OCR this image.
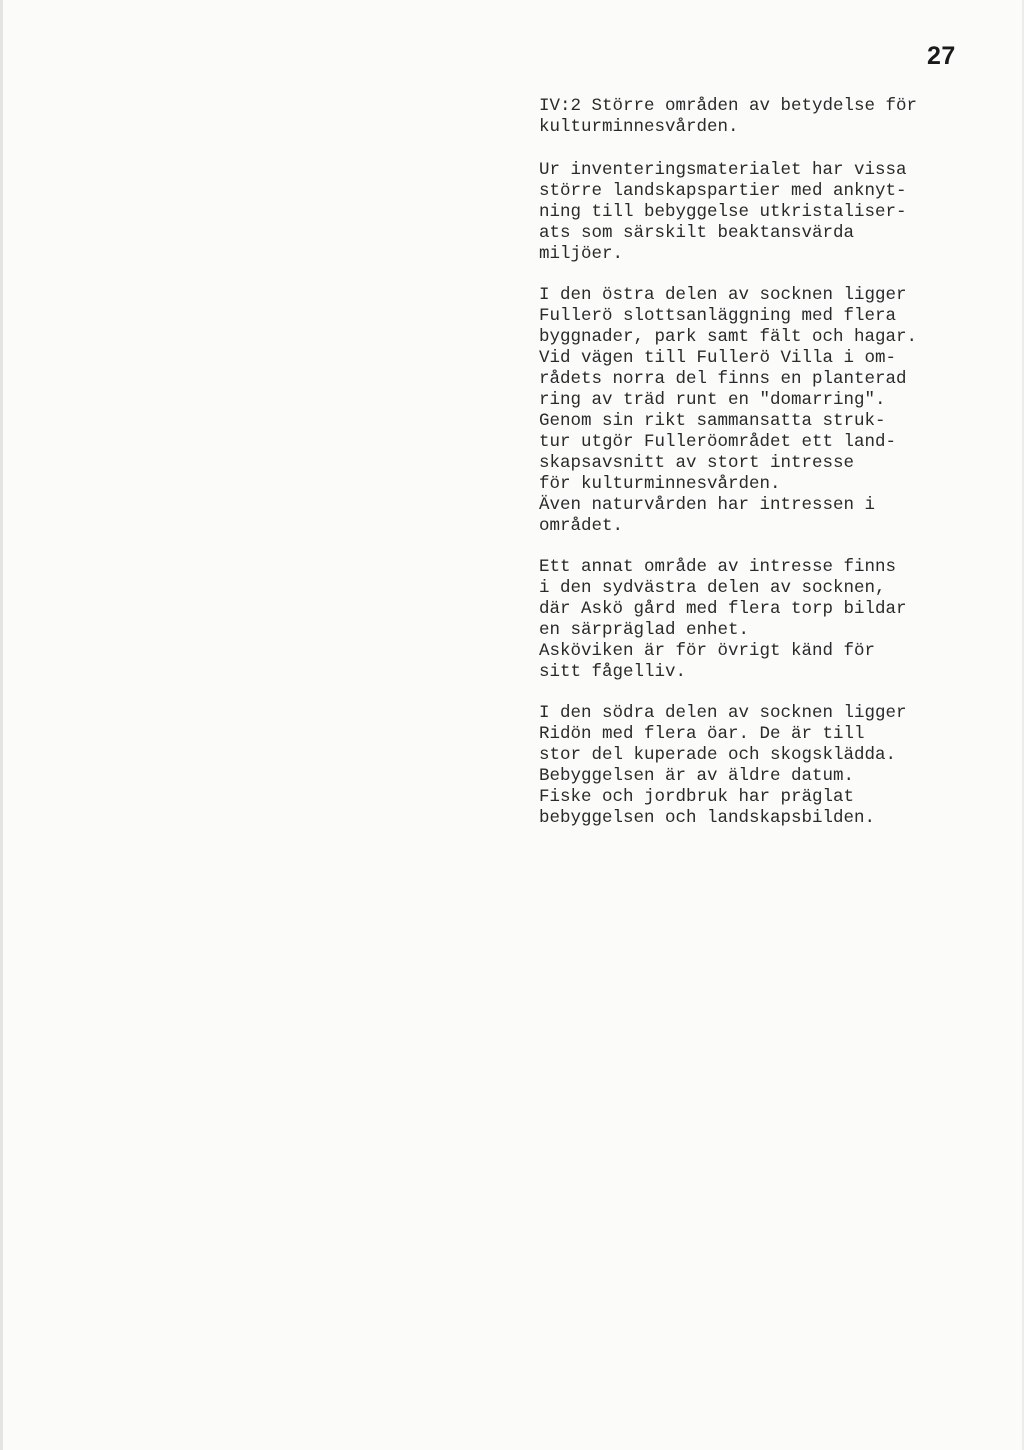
27
IV:2 Större områden av betydelse för
kulturminnesvården.
Ur inventeringsmaterialet har vissa
större landskapspartier med anknyt-
ning till bebyggelse utkristaliser-
ats som särskilt beaktansvärda
miljöer.
I den östra delen av socknen ligger
Fullerö slottsanläggning med flera
byggnader, park samt fält och hagar.
Vid vägen till Fullerö Villa i om-
rådets norra del finns en planterad
ring av träd runt en "domarring".
Genom sin rikt sammansatta struk-
tur utgör Fulleröområdet ett land-
skapsavsnitt av stort intresse
för kulturminnesvården.
Även naturvården har intressen i
området.
Ett annat område av intresse finns
i den sydvästra delen av socknen,
där Askö gård med flera torp bildar
en särpräglad enhet.
Asköviken är för övrigt känd för
sitt fågelliv.
I den södra delen av socknen ligger
Ridön med flera öar. De är till
stor del kuperade och skogsklädda.
Bebyggelsen är av äldre datum.
Fiske och jordbruk har präglat
bebyggelsen och landskapsbilden.
